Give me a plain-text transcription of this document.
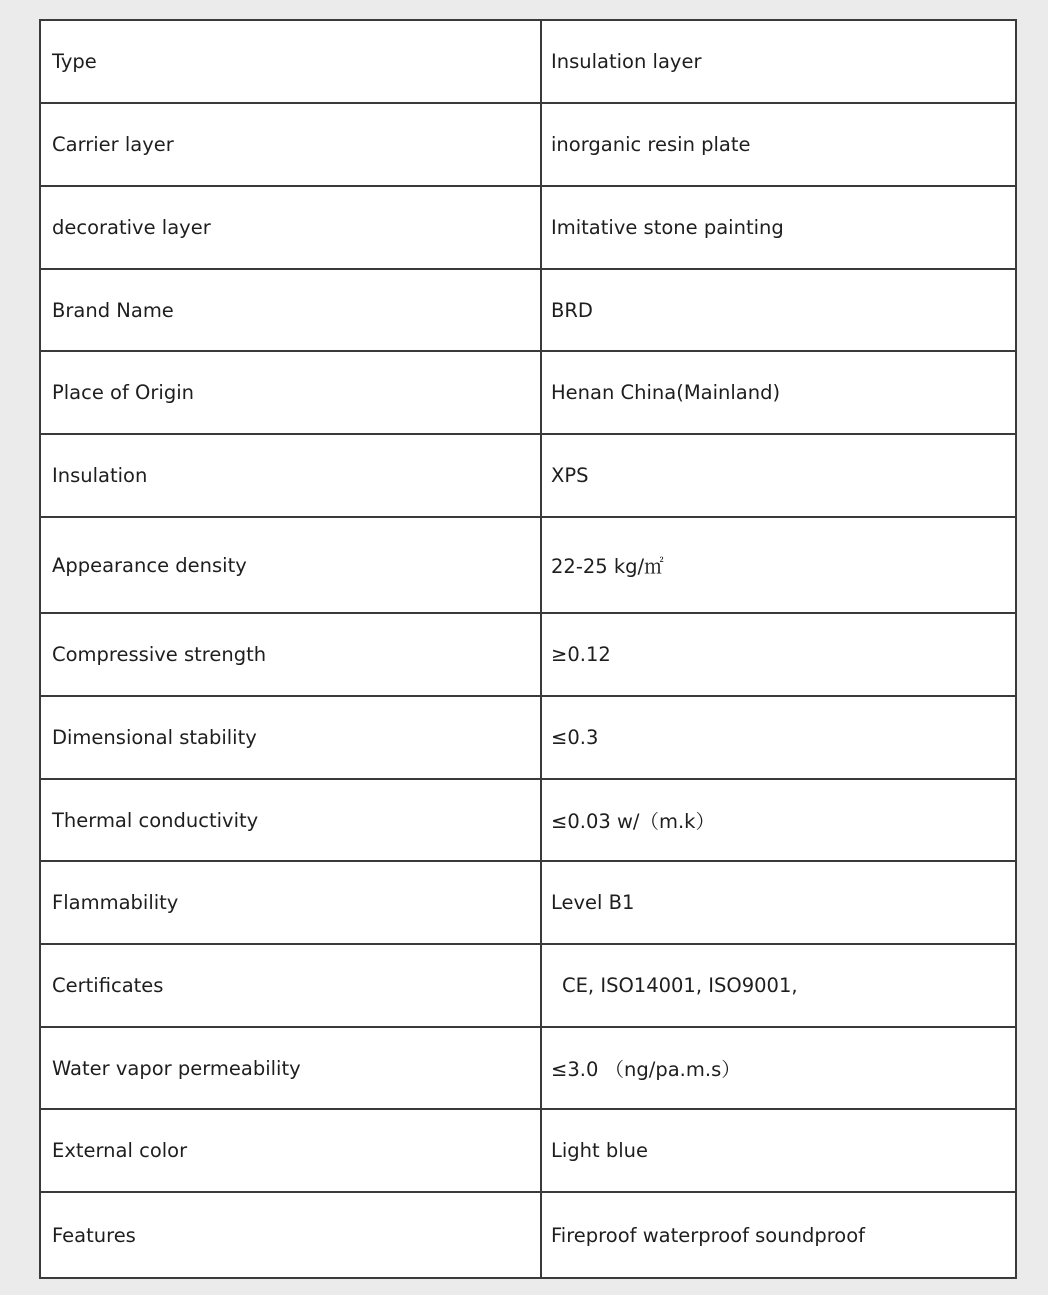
Type	Insulation layer
Carrier layer	inorganic resin plate
decorative layer	Imitative stone painting
Brand Name	BRD
Place of Origin	Henan China(Mainland)
Insulation	XPS
Appearance density	22-25 kg/㎡
Compressive strength	≥0.12
Dimensional stability	≤0.3
Thermal conductivity	≤0.03 w/（m.k）
Flammability	Level B1
Certificates	CE, ISO14001, ISO9001,
Water vapor permeability	≤3.0 （ng/pa.m.s）
External color	Light blue
Features	Fireproof waterproof soundproof
